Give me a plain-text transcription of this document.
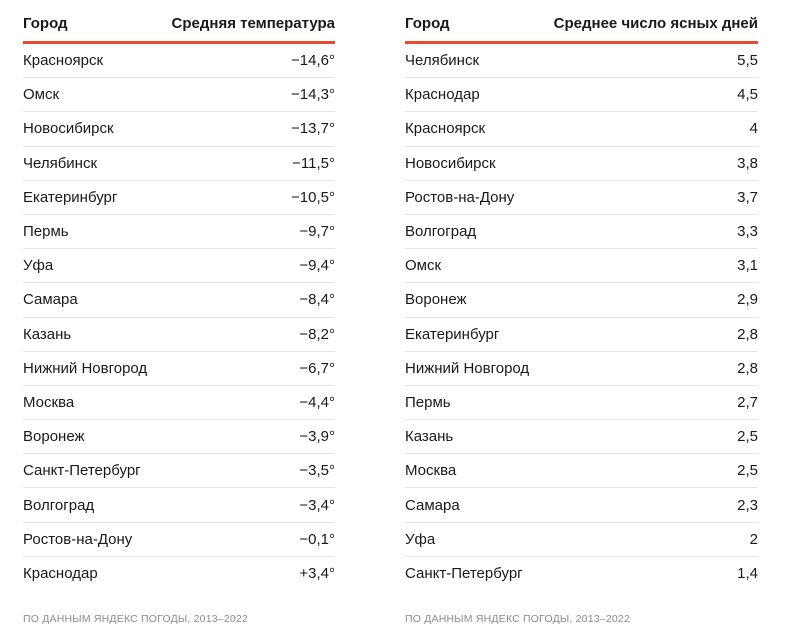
Город	Средняя температура
Красноярск	−14,6°
Омск	−14,3°
Новосибирск	−13,7°
Челябинск	−11,5°
Екатеринбург	−10,5°
Пермь	−9,7°
Уфа	−9,4°
Самара	−8,4°
Казань	−8,2°
Нижний Новгород	−6,7°
Москва	−4,4°
Воронеж	−3,9°
Санкт-Петербург	−3,5°
Волгоград	−3,4°
Ростов-на-Дону	−0,1°
Краснодар	+3,4°
ПО ДАННЫМ ЯНДЕКС ПОГОДЫ, 2013–2022
Город	Среднее число ясных дней
Челябинск	5,5
Краснодар	4,5
Красноярск	4
Новосибирск	3,8
Ростов-на-Дону	3,7
Волгоград	3,3
Омск	3,1
Воронеж	2,9
Екатеринбург	2,8
Нижний Новгород	2,8
Пермь	2,7
Казань	2,5
Москва	2,5
Самара	2,3
Уфа	2
Санкт-Петербург	1,4
ПО ДАННЫМ ЯНДЕКС ПОГОДЫ, 2013–2022
